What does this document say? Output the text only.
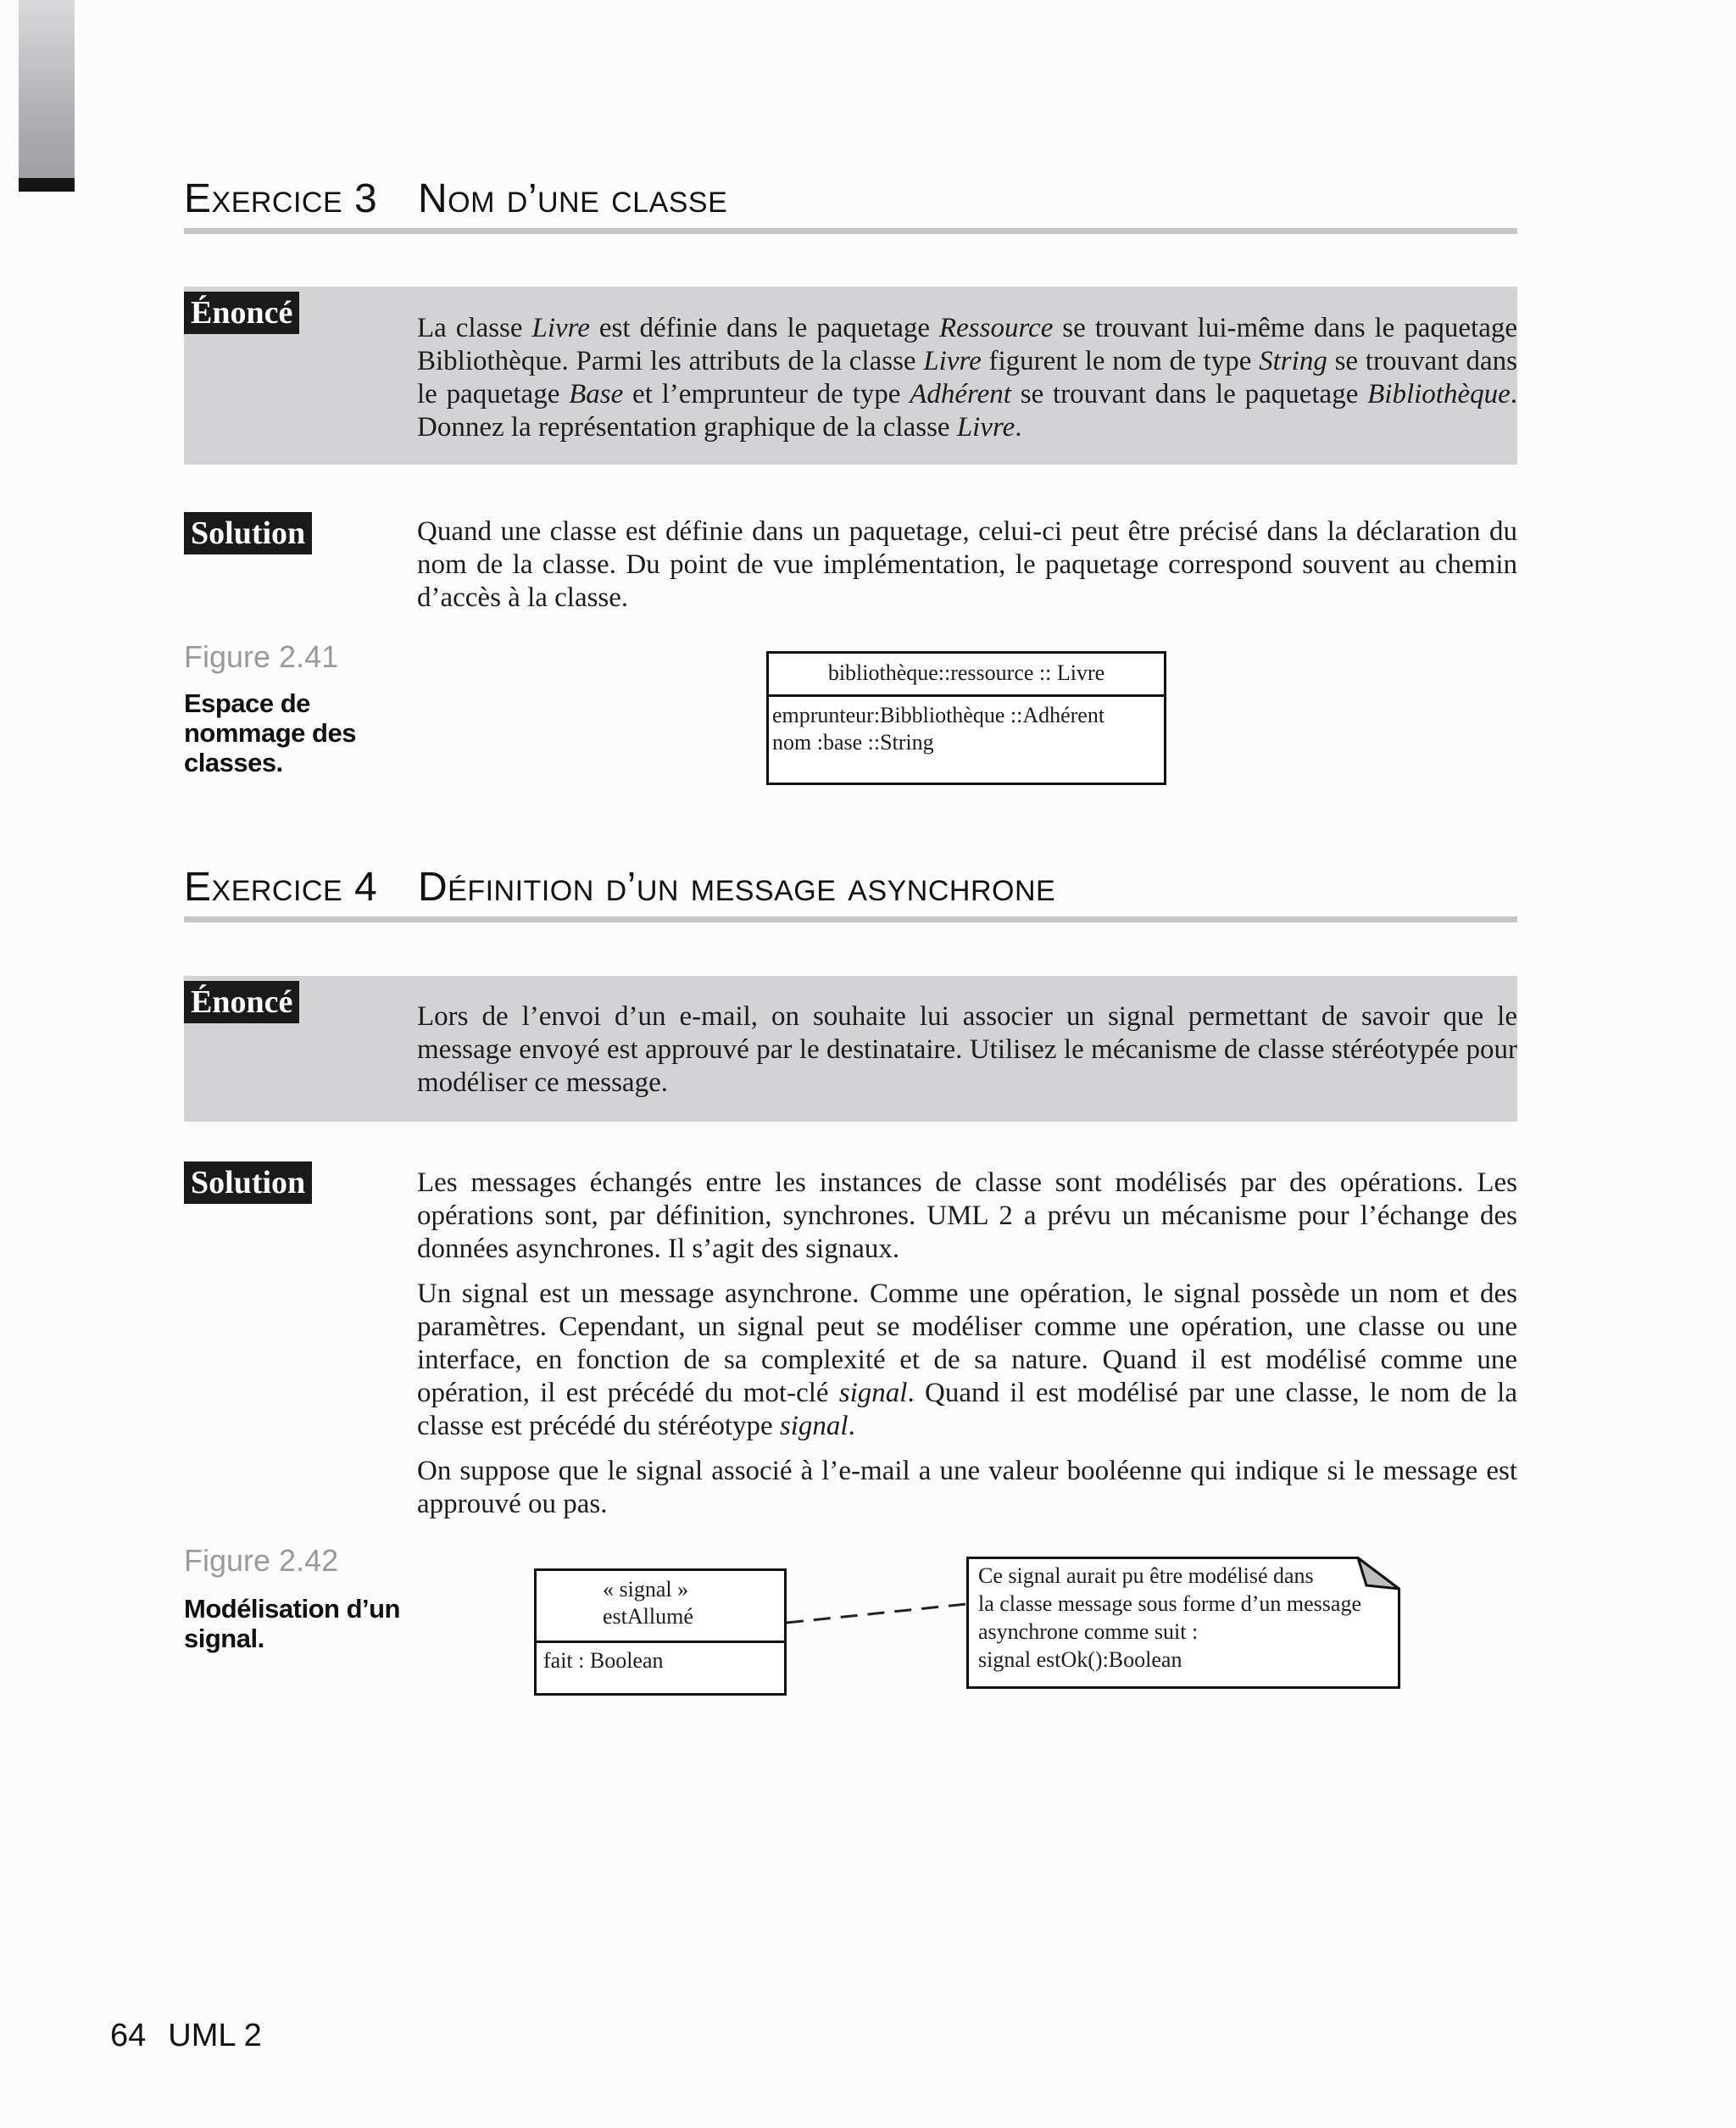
Exercice 3 Nom d’une classe
Énoncé	La classe Livre est définie dans le paquetage Ressource se trouvant lui-même dans le paquetage Bibliothèque. Parmi les attributs de la classe Livre figurent le nom de type String se trouvant dans le paquetage Base et l’emprunteur de type Adhérent se trouvant dans le paquetage Bibliothèque. Donnez la représentation graphique de la classe Livre.

Solution	Quand une classe est définie dans un paquetage, celui-ci peut être précisé dans la déclaration du nom de la classe. Du point de vue implémentation, le paquetage correspond souvent au chemin d’accès à la classe.

Figure 2.41
Espace de nommage des classes.
bibliothèque::ressource :: Livre
emprunteur:Bibbliothèque ::Adhérent
nom :base ::String
Exercice 4 Définition d’un message asynchrone
Énoncé	Lors de l’envoi d’un e-mail, on souhaite lui associer un signal permettant de savoir que le message envoyé est approuvé par le destinataire. Utilisez le mécanisme de classe stéréotypée pour modéliser ce message.

Solution	Les messages échangés entre les instances de classe sont modélisés par des opérations. Les opérations sont, par définition, synchrones. UML 2 a prévu un mécanisme pour l’échange des données asynchrones. Il s’agit des signaux.

Un signal est un message asynchrone. Comme une opération, le signal possède un nom et des paramètres. Cependant, un signal peut se modéliser comme une opération, une classe ou une interface, en fonction de sa complexité et de sa nature. Quand il est modélisé comme une opération, il est précédé du mot-clé signal. Quand il est modélisé par une classe, le nom de la classe est précédé du stéréotype signal.

On suppose que le signal associé à l’e-mail a une valeur booléenne qui indique si le message est approuvé ou pas.

Figure 2.42
Modélisation d’un signal.
« signal »
estAllumé
fait : Boolean
Ce signal aurait pu être modélisé dans
la classe message sous forme d’un message
asynchrone comme suit :
signal estOk():Boolean
64 UML 2
